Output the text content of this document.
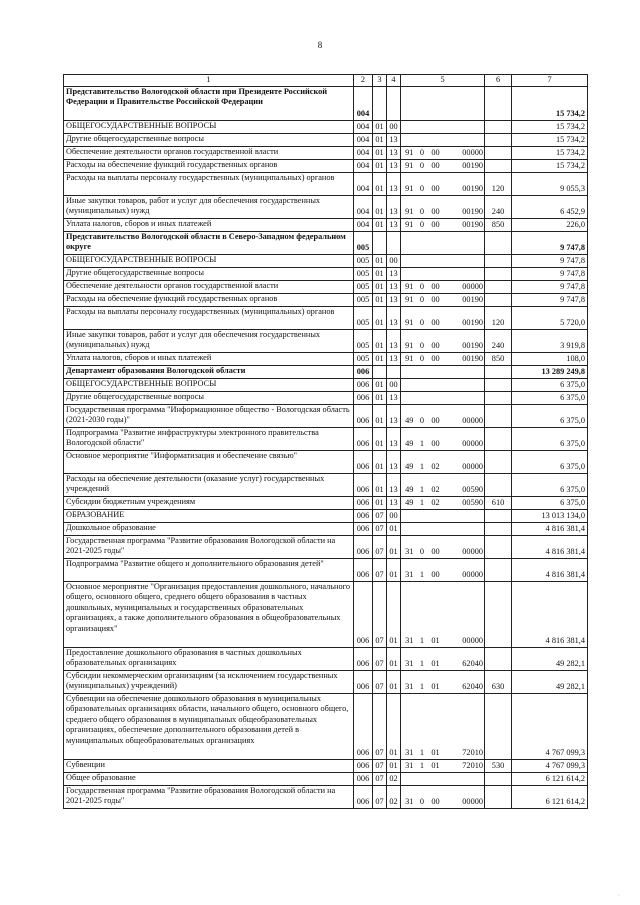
8
1	2	3	4	5				6	7
Представительство Вологодской области при Президенте Российской Федерации и Правительстве Российской Федерации	004								15 734,2
ОБЩЕГОСУДАРСТВЕННЫЕ ВОПРОСЫ	004	01	00						15 734,2
Другие общегосударственные вопросы	004	01	13						15 734,2
Обеспечение деятельности органов государственной власти	004	01	13	91	0	00	00000		15 734,2
Расходы на обеспечение функций государственных органов	004	01	13	91	0	00	00190		15 734,2
Расходы на выплаты персоналу государственных (муниципальных) органов	004	01	13	91	0	00	00190	120	9 055,3
Иные закупки товаров, работ и услуг для обеспечения государственных (муниципальных) нужд	004	01	13	91	0	00	00190	240	6 452,9
Уплата налогов, сборов и иных платежей	004	01	13	91	0	00	00190	850	226,0
Представительство Вологодской области в Северо-Западном федеральном округе	005								9 747,8
ОБЩЕГОСУДАРСТВЕННЫЕ ВОПРОСЫ	005	01	00						9 747,8
Другие общегосударственные вопросы	005	01	13						9 747,8
Обеспечение деятельности органов государственной власти	005	01	13	91	0	00	00000		9 747,8
Расходы на обеспечение функций государственных органов	005	01	13	91	0	00	00190		9 747,8
Расходы на выплаты персоналу государственных (муниципальных) органов	005	01	13	91	0	00	00190	120	5 720,0
Иные закупки товаров, работ и услуг для обеспечения государственных (муниципальных) нужд	005	01	13	91	0	00	00190	240	3 919,8
Уплата налогов, сборов и иных платежей	005	01	13	91	0	00	00190	850	108,0
Департамент образования Вологодской области	006								13 289 249,8
ОБЩЕГОСУДАРСТВЕННЫЕ ВОПРОСЫ	006	01	00						6 375,0
Другие общегосударственные вопросы	006	01	13						6 375,0
Государственная программа "Информационное общество - Вологодская область (2021-2030 годы)"	006	01	13	49	0	00	00000		6 375,0
Подпрограмма "Развитие инфраструктуры электронного правительства Вологодской области"	006	01	13	49	1	00	00000		6 375,0
Основное мероприятие "Информатизация и обеспечение связью"	006	01	13	49	1	02	00000		6 375,0
Расходы на обеспечение деятельности (оказание услуг) государственных учреждений	006	01	13	49	1	02	00590		6 375,0
Субсидии бюджетным учреждениям	006	01	13	49	1	02	00590	610	6 375,0
ОБРАЗОВАНИЕ	006	07	00						13 013 134,0
Дошкольное образование	006	07	01						4 816 381,4
Государственная программа "Развитие образования Вологодской области на 2021-2025 годы"	006	07	01	31	0	00	00000		4 816 381,4
Подпрограмма "Развитие общего и дополнительного образования детей"	006	07	01	31	1	00	00000		4 816 381,4
Основное мероприятие "Организация предоставления дошкольного, начального общего, основного общего, среднего общего образования в частных дошкольных, муниципальных и государственных образовательных организациях, а также дополнительного образования в общеобразовательных организациях"	006	07	01	31	1	01	00000		4 816 381,4
Предоставление дошкольного образования в частных дошкольных образовательных организациях	006	07	01	31	1	01	62040		49 282,1
Субсидии некоммерческим организациям (за исключением государственных (муниципальных) учреждений)	006	07	01	31	1	01	62040	630	49 282,1
Субвенции на обеспечение дошкольного образования в муниципальных образовательных организациях области, начального общего, основного общего, среднего общего образования в муниципальных общеобразовательных организациях, обеспечение дополнительного образования детей в муниципальных общеобразовательных организациях	006	07	01	31	1	01	72010		4 767 099,3
Субвенции	006	07	01	31	1	01	72010	530	4 767 099,3
Общее образование	006	07	02						6 121 614,2
Государственная программа "Развитие образования Вологодской области на 2021-2025 годы"	006	07	02	31	0	00	00000		6 121 614,2
·
